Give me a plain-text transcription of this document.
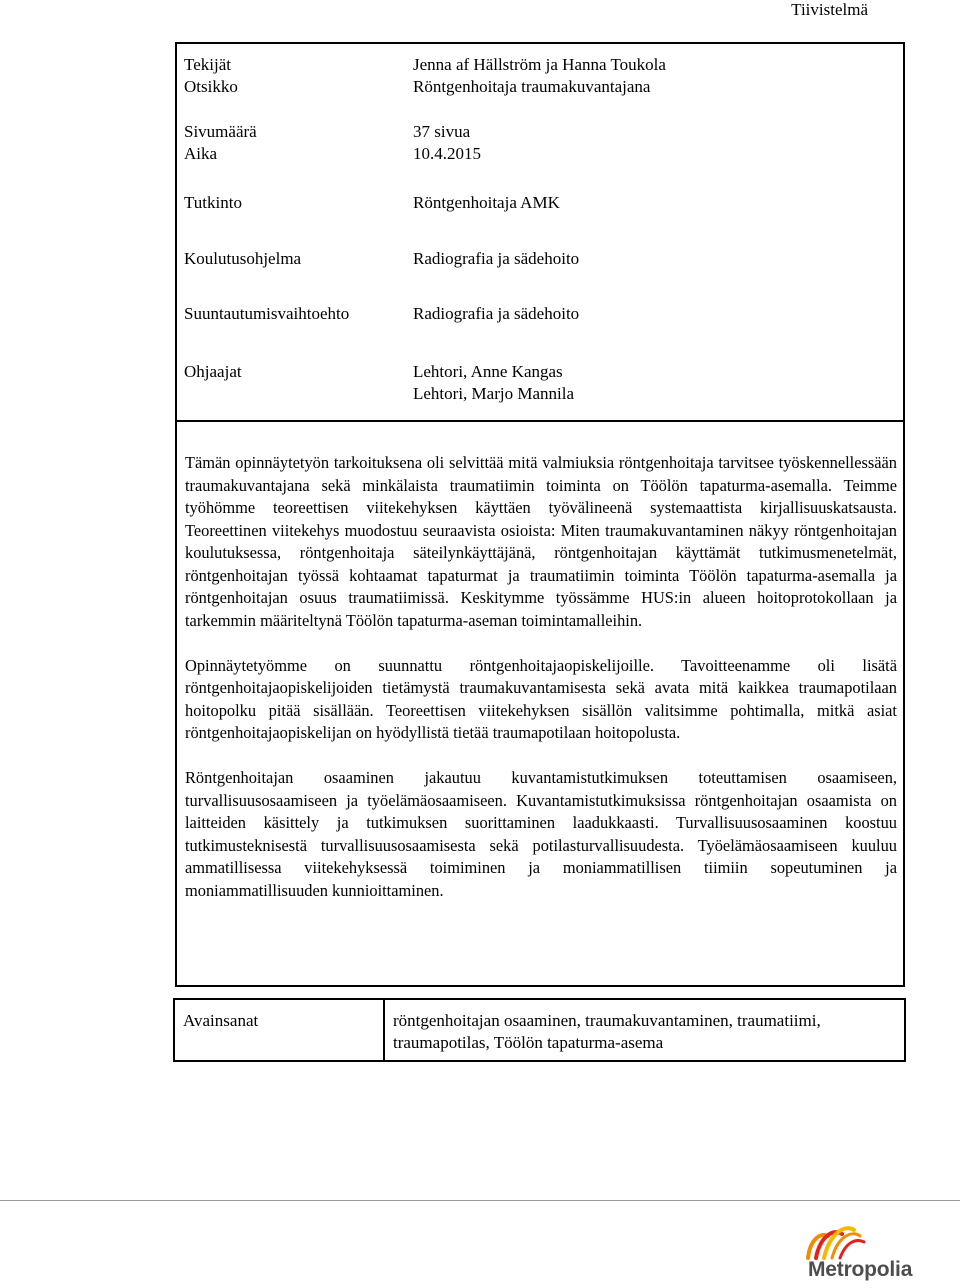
Tiivistelmä
Tekijät	Jenna af Hällström ja Hanna Toukola
Otsikko	Röntgenhoitaja traumakuvantajana
Sivumäärä	37 sivua
Aika	10.4.2015
Tutkinto	Röntgenhoitaja AMK
Koulutusohjelma	Radiografia ja sädehoito
Suuntautumisvaihtoehto	Radiografia ja sädehoito
Ohjaajat	Lehtori, Anne Kangas
Lehtori, Marjo Mannila

Tämän opinnäytetyön tarkoituksena oli selvittää mitä valmiuksia röntgenhoitaja tarvitsee työskennellessään traumakuvantajana sekä minkälaista traumatiimin toiminta on Töölön tapaturma-asemalla. Teimme työhömme teoreettisen viitekehyksen käyttäen työvälineenä systemaattista kirjallisuuskatsausta. Teoreettinen viitekehys muodostuu seuraavista osioista: Miten traumakuvantaminen näkyy röntgenhoitajan koulutuksessa, röntgenhoitaja säteilynkäyttäjänä, röntgenhoitajan käyttämät tutkimusmenetelmät, röntgenhoitajan työssä kohtaamat tapaturmat ja traumatiimin toiminta Töölön tapaturma-asemalla ja röntgenhoitajan osuus traumatiimissä. Keskitymme työssämme HUS:in alueen hoitoprotokollaan ja tarkemmin määriteltynä Töölön tapaturma-aseman toimintamalleihin.

Opinnäytetyömme on suunnattu röntgenhoitajaopiskelijoille. Tavoitteenamme oli lisätä röntgenhoitajaopiskelijoiden tietämystä traumakuvantamisesta sekä avata mitä kaikkea traumapotilaan hoitopolku pitää sisällään. Teoreettisen viitekehyksen sisällön valitsimme pohtimalla, mitkä asiat röntgenhoitajaopiskelijan on hyödyllistä tietää traumapotilaan hoitopolusta.

Röntgenhoitajan osaaminen jakautuu kuvantamistutkimuksen toteuttamisen osaamiseen, turvallisuusosaamiseen ja työelämäosaamiseen. Kuvantamistutkimuksissa röntgenhoitajan osaamista on laitteiden käsittely ja tutkimuksen suorittaminen laadukkaasti. Turvallisuusosaaminen koostuu tutkimusteknisestä turvallisuusosaamisesta sekä potilasturvallisuudesta. Työelämäosaamiseen kuuluu ammatillisessa viitekehyksessä toimiminen ja moniammatillisen tiimiin sopeutuminen ja moniammatillisuuden kunnioittaminen.

Avainsanat	röntgenhoitajan osaaminen, traumakuvantaminen, traumatiimi, traumapotilas, Töölön tapaturma-asema
Metropolia
